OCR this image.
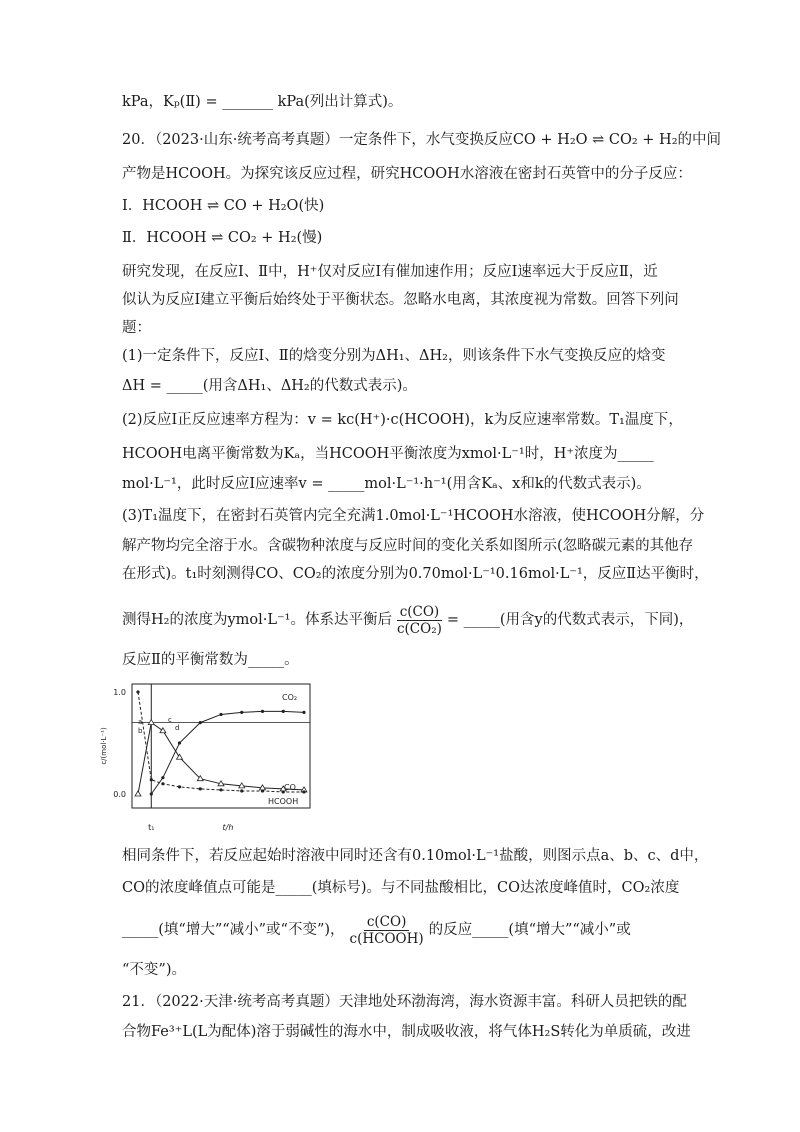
kPa，Kₚ(Ⅱ) = _______ kPa(列出计算式)。
20．（2023·山东·统考高考真题）一定条件下，水气变换反应CO + H₂O ⇌ CO₂ + H₂的中间
产物是HCOOH。为探究该反应过程，研究HCOOH水溶液在密封石英管中的分子反应：
Ⅰ．HCOOH ⇌ CO + H₂O(快)
Ⅱ．HCOOH ⇌ CO₂ + H₂(慢)
研究发现，在反应Ⅰ、Ⅱ中，H⁺仅对反应Ⅰ有催加速作用；反应Ⅰ速率远大于反应Ⅱ，近
似认为反应Ⅰ建立平衡后始终处于平衡状态。忽略水电离，其浓度视为常数。回答下列问
题：
(1)一定条件下，反应Ⅰ、Ⅱ的焓变分别为ΔH₁、ΔH₂，则该条件下水气变换反应的焓变
ΔH = _____(用含ΔH₁、ΔH₂的代数式表示)。
(2)反应Ⅰ正反应速率方程为：v = kc(H⁺)·c(HCOOH)，k为反应速率常数。T₁温度下，
HCOOH电离平衡常数为Kₐ，当HCOOH平衡浓度为xmol·L⁻¹时，H⁺浓度为_____
mol·L⁻¹，此时反应Ⅰ应速率v = _____mol·L⁻¹·h⁻¹(用含Kₐ、x和k的代数式表示)。
(3)T₁温度下，在密封石英管内完全充满1.0mol·L⁻¹HCOOH水溶液，使HCOOH分解，分
解产物均完全溶于水。含碳物种浓度与反应时间的变化关系如图所示(忽略碳元素的其他存
在形式)。t₁时刻测得CO、CO₂的浓度分别为0.70mol·L⁻¹0.16mol·L⁻¹，反应Ⅱ达平衡时，
测得H₂的浓度为ymol·L⁻¹。体系达平衡后 $\frac{c(CO)}{\text{c(CO₂)}}$ = _____(用含y的代数式表示，下同)，
反应Ⅱ的平衡常数为_____。
1.0
0.0
c/(mol·L⁻¹)
t₁	t/h
CO₂
CO
HCOOH
a
b
c
d
相同条件下，若反应起始时溶液中同时还含有0.10mol·L⁻¹盐酸，则图示点a、b、c、d中，
CO的浓度峰值点可能是_____(填标号)。与不同盐酸相比，CO达浓度峰值时，CO₂浓度
_____(填“增大”“减小”或“不变”)， $\frac{c(CO)}{\text{c(HCOOH)}}$ 的反应_____(填“增大”“减小”或
“不变”)。
21．（2022·天津·统考高考真题）天津地处环渤海湾，海水资源丰富。科研人员把铁的配
合物Fe³⁺L(L为配体)溶于弱碱性的海水中，制成吸收液，将气体H₂S转化为单质硫，改进
